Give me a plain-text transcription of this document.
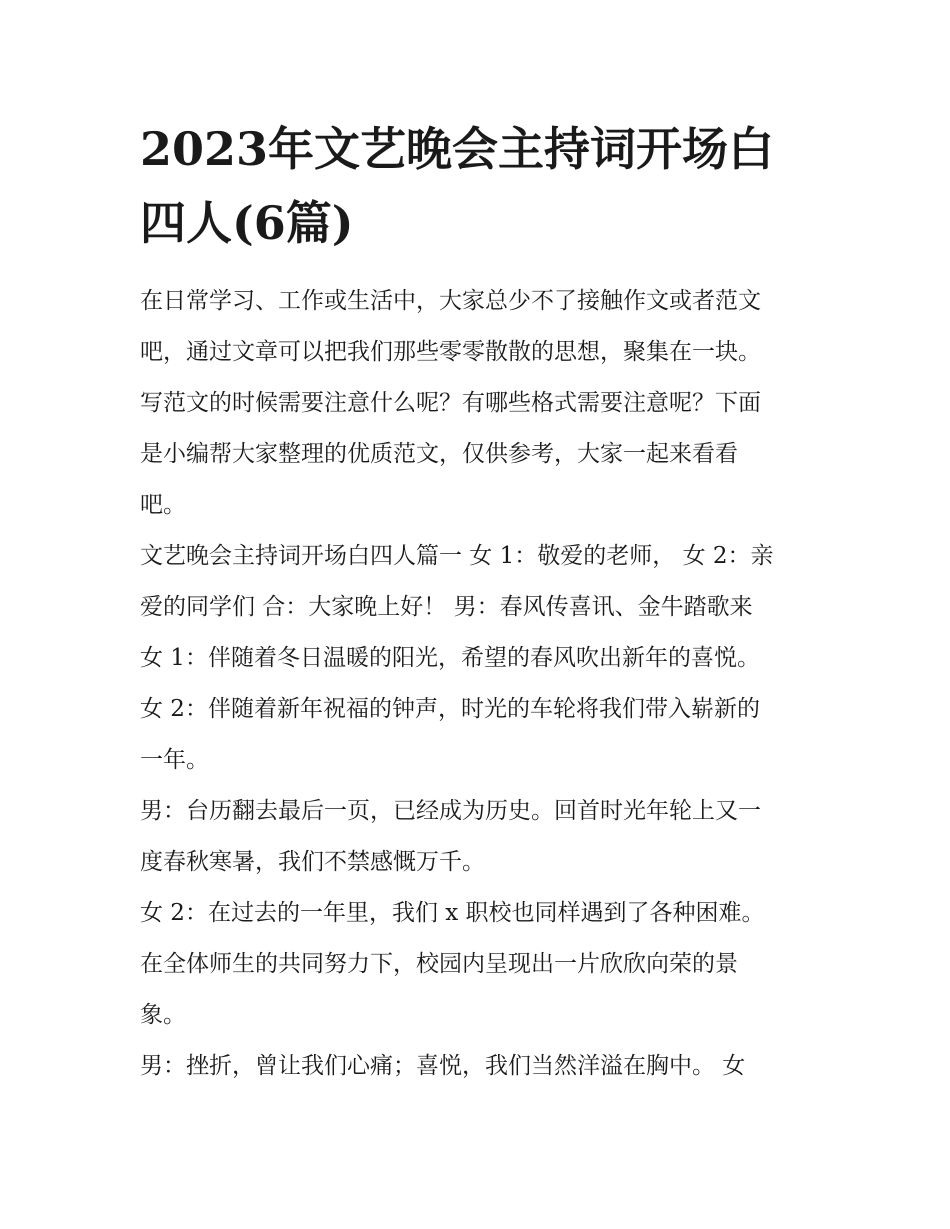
2023年文艺晚会主持词开场白
四人(6篇)
在日常学习、工作或生活中，大家总少不了接触作文或者范文
吧，通过文章可以把我们那些零零散散的思想，聚集在一块。
写范文的时候需要注意什么呢？有哪些格式需要注意呢？下面
是小编帮大家整理的优质范文，仅供参考，大家一起来看看
吧。
文艺晚会主持词开场白四人篇一 女 1：敬爱的老师， 女 2：亲
爱的同学们 合：大家晚上好！ 男：春风传喜讯、金牛踏歌来
女 1：伴随着冬日温暖的阳光，希望的春风吹出新年的喜悦。
女 2：伴随着新年祝福的钟声，时光的车轮将我们带入崭新的
一年。
男：台历翻去最后一页，已经成为历史。回首时光年轮上又一
度春秋寒暑，我们不禁感慨万千。
女 2：在过去的一年里，我们 x 职校也同样遇到了各种困难。
在全体师生的共同努力下，校园内呈现出一片欣欣向荣的景
象。
男：挫折，曾让我们心痛；喜悦，我们当然洋溢在胸中。 女
